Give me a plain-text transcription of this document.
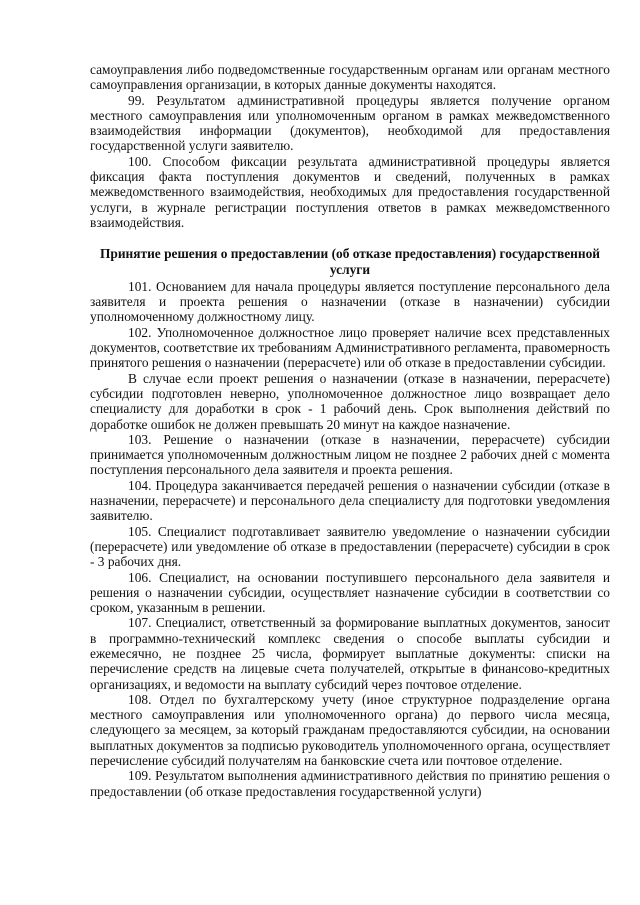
самоуправления либо подведомственные государственным органам или органам местного самоуправления организации, в которых данные документы находятся.

99. Результатом административной процедуры является получение органом местного самоуправления или уполномоченным органом в рамках межведомственного взаимодействия информации (документов), необходимой для предоставления государственной услуги заявителю.

100. Способом фиксации результата административной процедуры является фиксация факта поступления документов и сведений, полученных в рамках межведомственного взаимодействия, необходимых для предоставления государственной услуги, в журнале регистрации поступления ответов в рамках межведомственного взаимодействия.

Принятие решения о предоставлении (об отказе предоставления) государственной услуги

101. Основанием для начала процедуры является поступление персонального дела заявителя и проекта решения о назначении (отказе в назначении) субсидии уполномоченному должностному лицу.

102. Уполномоченное должностное лицо проверяет наличие всех представленных документов, соответствие их требованиям Административного регламента, правомерность принятого решения о назначении (перерасчете) или об отказе в предоставлении субсидии.

В случае если проект решения о назначении (отказе в назначении, перерасчете) субсидии подготовлен неверно, уполномоченное должностное лицо возвращает дело специалисту для доработки в срок - 1 рабочий день. Срок выполнения действий по доработке ошибок не должен превышать 20 минут на каждое назначение.

103. Решение о назначении (отказе в назначении, перерасчете) субсидии принимается уполномоченным должностным лицом не позднее 2 рабочих дней с момента поступления персонального дела заявителя и проекта решения.

104. Процедура заканчивается передачей решения о назначении субсидии (отказе в назначении, перерасчете) и персонального дела специалисту для подготовки уведомления заявителю.

105. Специалист подготавливает заявителю уведомление о назначении субсидии (перерасчете) или уведомление об отказе в предоставлении (перерасчете) субсидии в срок - 3 рабочих дня.

106. Специалист, на основании поступившего персонального дела заявителя и решения о назначении субсидии, осуществляет назначение субсидии в соответствии со сроком, указанным в решении.

107. Специалист, ответственный за формирование выплатных документов, заносит в программно-технический комплекс сведения о способе выплаты субсидии и ежемесячно, не позднее 25 числа, формирует выплатные документы: списки на перечисление средств на лицевые счета получателей, открытые в финансово-кредитных организациях, и ведомости на выплату субсидий через почтовое отделение.

108. Отдел по бухгалтерскому учету (иное структурное подразделение органа местного самоуправления или уполномоченного органа) до первого числа месяца, следующего за месяцем, за который гражданам предоставляются субсидии, на основании выплатных документов за подписью руководитель уполномоченного органа, осуществляет перечисление субсидий получателям на банковские счета или почтовое отделение.

109. Результатом выполнения административного действия по принятию решения о предоставлении (об отказе предоставления государственной услуги)
